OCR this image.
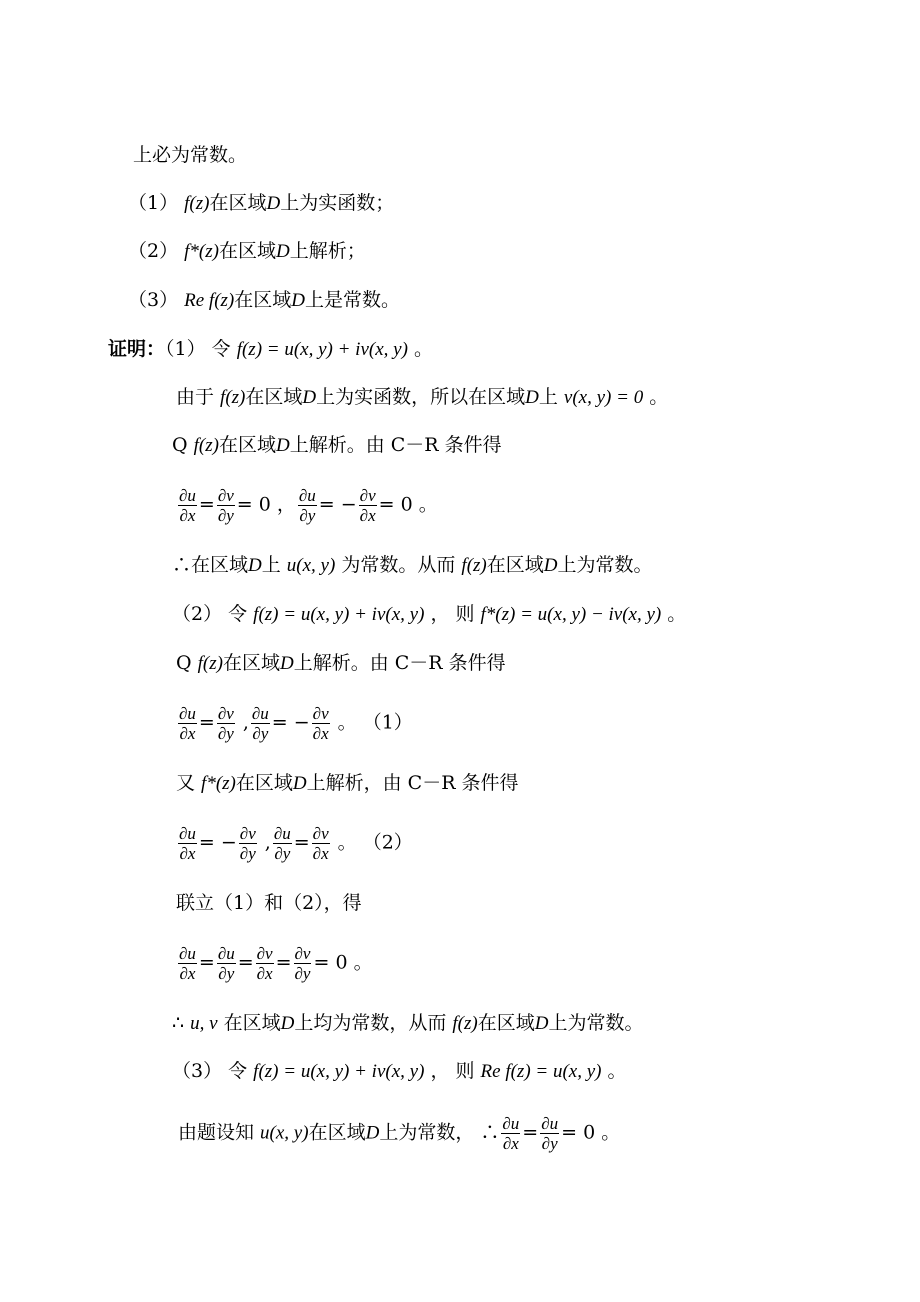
上必为常数。
（1） f(z)在区域D上为实函数；
（2） f*(z)在区域D上解析；
（3） Re f(z)在区域D上是常数。
证明：（1） 令 f(z) = u(x, y) + iv(x, y) 。
由于 f(z)在区域D上为实函数，所以在区域D上 v(x, y) = 0 。
Q f(z)在区域D上解析。由 C－R 条件得
$\frac{\partial u}{\partial x} = \frac{\partial v}{\partial y} = 0$ ， $\frac{\partial u}{\partial y}$ = − $\frac{\partial v}{\partial x} = 0$ 。
∴在区域D上 u(x, y) 为常数。从而 f(z)在区域D上为常数。
（2） 令 f(z) = u(x, y) + iv(x, y) ， 则 f*(z) = u(x, y) − iv(x, y) 。
Q f(z)在区域D上解析。由 C－R 条件得
$\frac{\partial u}{\partial x} = \frac{\partial v}{\partial y}$ , $\frac{\partial u}{\partial y}$ = − $\frac{\partial v}{\partial x}$ 。 （1）
又 f*(z)在区域D上解析，由 C－R 条件得
$\frac{\partial u}{\partial x}$ = − $\frac{\partial v}{\partial y}$ , $\frac{\partial u}{\partial y} = \frac{\partial v}{\partial x}$ 。 （2）
联立（1）和（2），得
$\frac{\partial u}{\partial x} = \frac{\partial u}{\partial y} = \frac{\partial v}{\partial x} = \frac{\partial v}{\partial y} = 0$ 。
∴ u, v 在区域D上均为常数，从而 f(z)在区域D上为常数。
（3） 令 f(z) = u(x, y) + iv(x, y) ， 则 Re f(z) = u(x, y) 。
由题设知 u(x, y)在区域D上为常数， ∴ $\frac{\partial u}{\partial x} = \frac{\partial u}{\partial y} = 0$ 。
